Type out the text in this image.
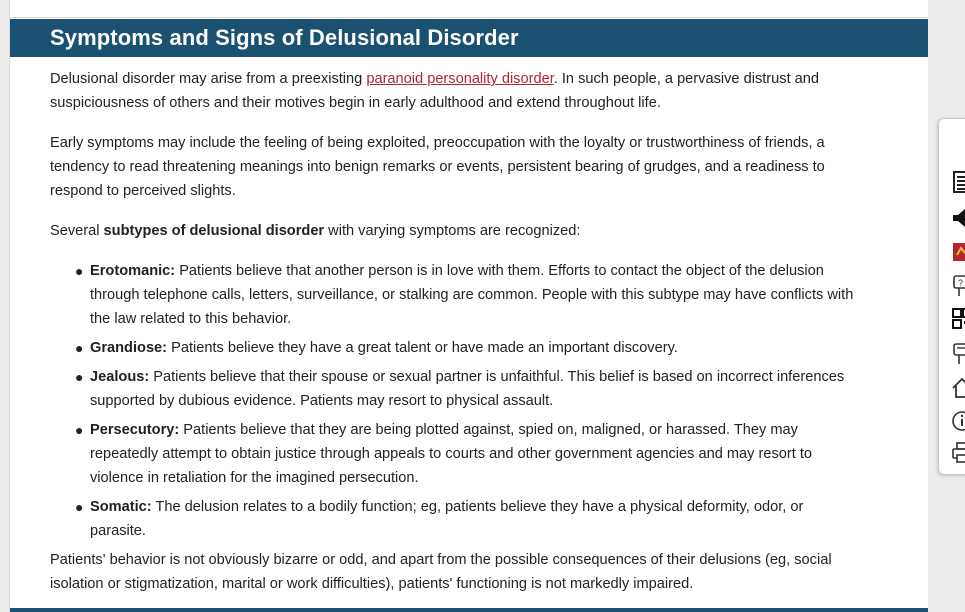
Symptoms and Signs of Delusional Disorder

Delusional disorder may arise from a preexisting paranoid personality disorder. In such people, a pervasive distrust and suspiciousness of others and their motives begin in early adulthood and extend throughout life.

Early symptoms may include the feeling of being exploited, preoccupation with the loyalty or trustworthiness of friends, a tendency to read threatening meanings into benign remarks or events, persistent bearing of grudges, and a readiness to respond to perceived slights.

Several subtypes of delusional disorder with varying symptoms are recognized:

● Erotomanic: Patients believe that another person is in love with them. Efforts to contact the object of the delusion through telephone calls, letters, surveillance, or stalking are common. People with this subtype may have conflicts with the law related to this behavior.
● Grandiose: Patients believe they have a great talent or have made an important discovery.
● Jealous: Patients believe that their spouse or sexual partner is unfaithful. This belief is based on incorrect inferences supported by dubious evidence. Patients may resort to physical assault.
● Persecutory: Patients believe that they are being plotted against, spied on, maligned, or harassed. They may repeatedly attempt to obtain justice through appeals to courts and other government agencies and may resort to violence in retaliation for the imagined persecution.
● Somatic: The delusion relates to a bodily function; eg, patients believe they have a physical deformity, odor, or parasite.

Patients' behavior is not obviously bizarre or odd, and apart from the possible consequences of their delusions (eg, social isolation or stigmatization, marital or work difficulties), patients' functioning is not markedly impaired.

?
